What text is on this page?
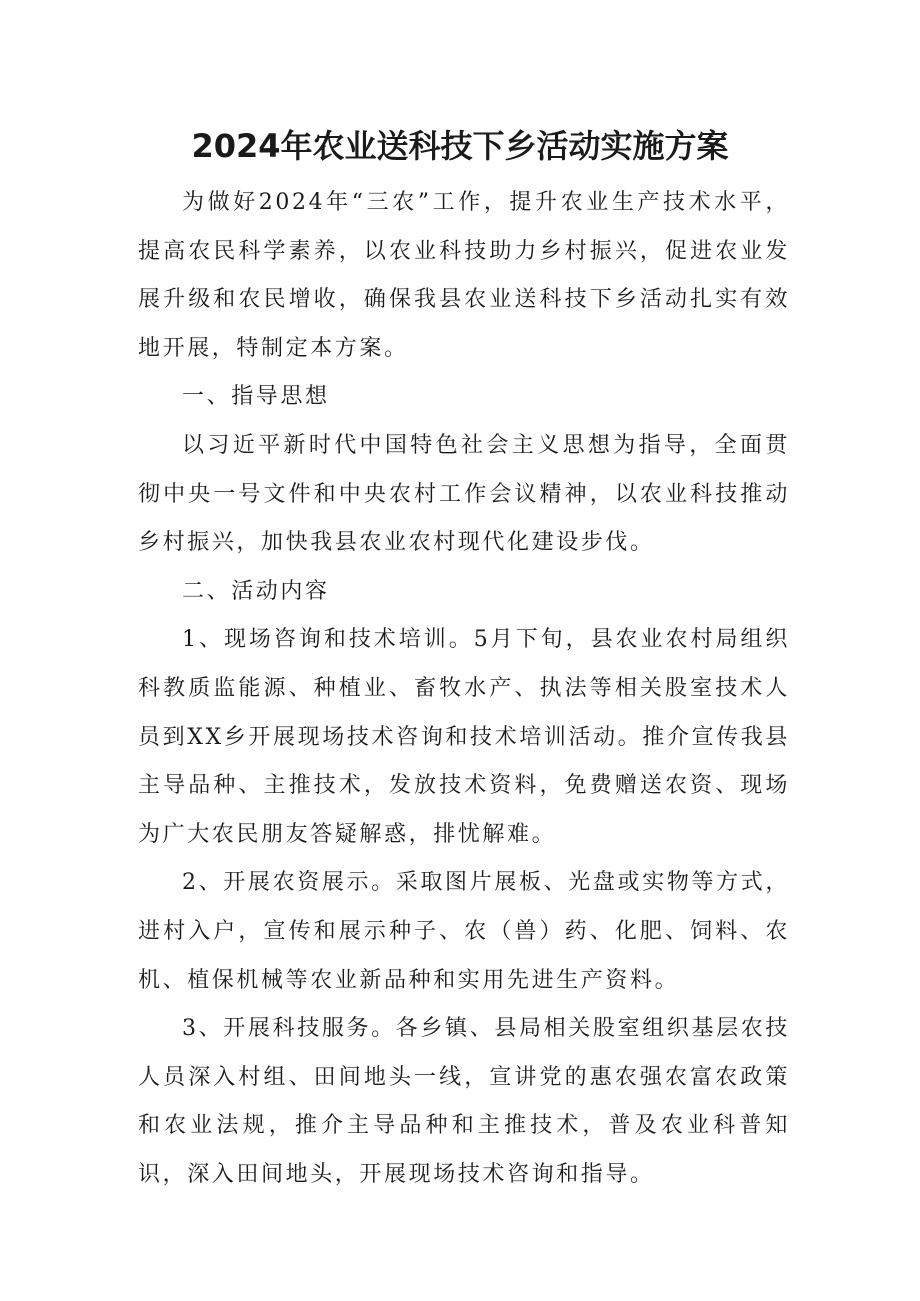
2024年农业送科技下乡活动实施方案

为做好2024年“三农”工作，提升农业生产技术水平，提高农民科学素养，以农业科技助力乡村振兴，促进农业发展升级和农民增收，确保我县农业送科技下乡活动扎实有效地开展，特制定本方案。

一、指导思想

以习近平新时代中国特色社会主义思想为指导，全面贯彻中央一号文件和中央农村工作会议精神，以农业科技推动乡村振兴，加快我县农业农村现代化建设步伐。

二、活动内容

1、现场咨询和技术培训。5月下旬，县农业农村局组织科教质监能源、种植业、畜牧水产、执法等相关股室技术人员到XX乡开展现场技术咨询和技术培训活动。推介宣传我县主导品种、主推技术，发放技术资料，免费赠送农资、现场为广大农民朋友答疑解惑，排忧解难。

2、开展农资展示。采取图片展板、光盘或实物等方式，进村入户，宣传和展示种子、农（兽）药、化肥、饲料、农机、植保机械等农业新品种和实用先进生产资料。

3、开展科技服务。各乡镇、县局相关股室组织基层农技人员深入村组、田间地头一线，宣讲党的惠农强农富农政策和农业法规，推介主导品种和主推技术，普及农业科普知识，深入田间地头，开展现场技术咨询和指导。
